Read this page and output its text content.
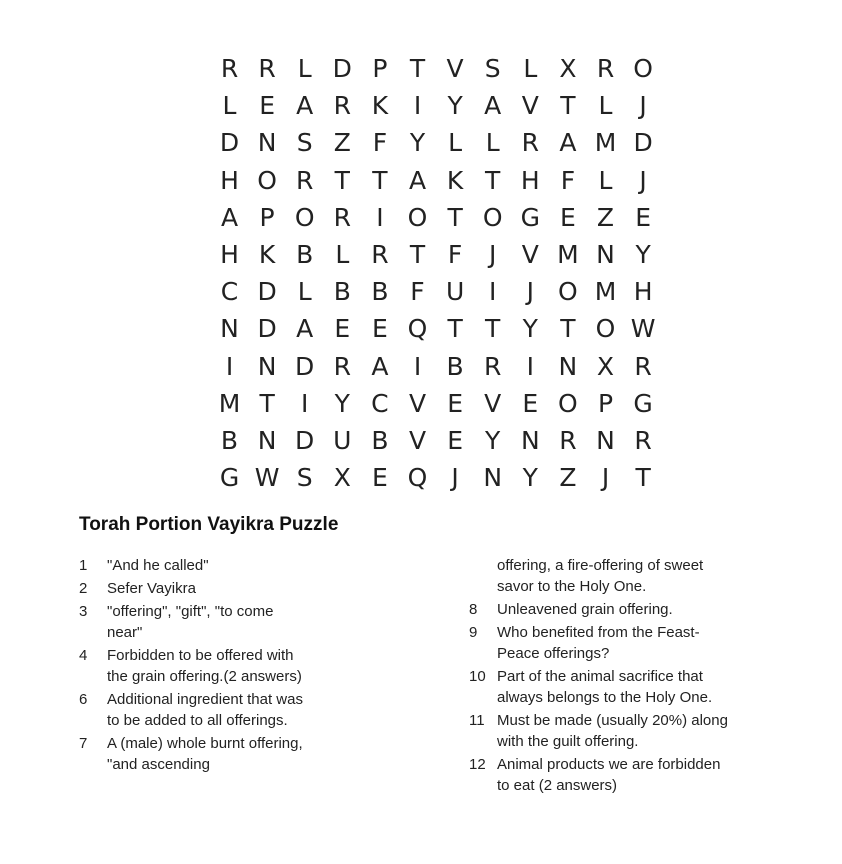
R R L D P T V S L X R O
L E A R K	I	Y A V T L	J
D N S Z F Y L L R A M D
H O R T T A K T H F L	J
A P O R	I O T O G E Z E
H K B L R T F	J	V M N Y
C D L B B F U I	J O M H
N D A E E Q T T Y T O W
I N D R A	I	B R	I N X R
M T	I	Y C V E V E O P G
B N D U B V E Y N R N R
G W S X E Q J N Y Z	J	T
Torah Portion Vayikra Puzzle
1	"And he called"
2	Sefer Vayikra
3	"offering", "gift", "to come near"
4	Forbidden to be offered with the grain offering.(2 answers)
6	Additional ingredient that was to be added to all offerings.
7	A (male) whole burnt offering, "and ascending
offering, a fire-offering of sweet savor to the Holy One.
8	Unleavened grain offering.
9	Who benefited from the Feast-Peace offerings?
10 Part of the animal sacrifice that always belongs to the Holy One.
11 Must be made (usually 20%) along with the guilt offering.
12 Animal products we are forbidden to eat (2 answers)
